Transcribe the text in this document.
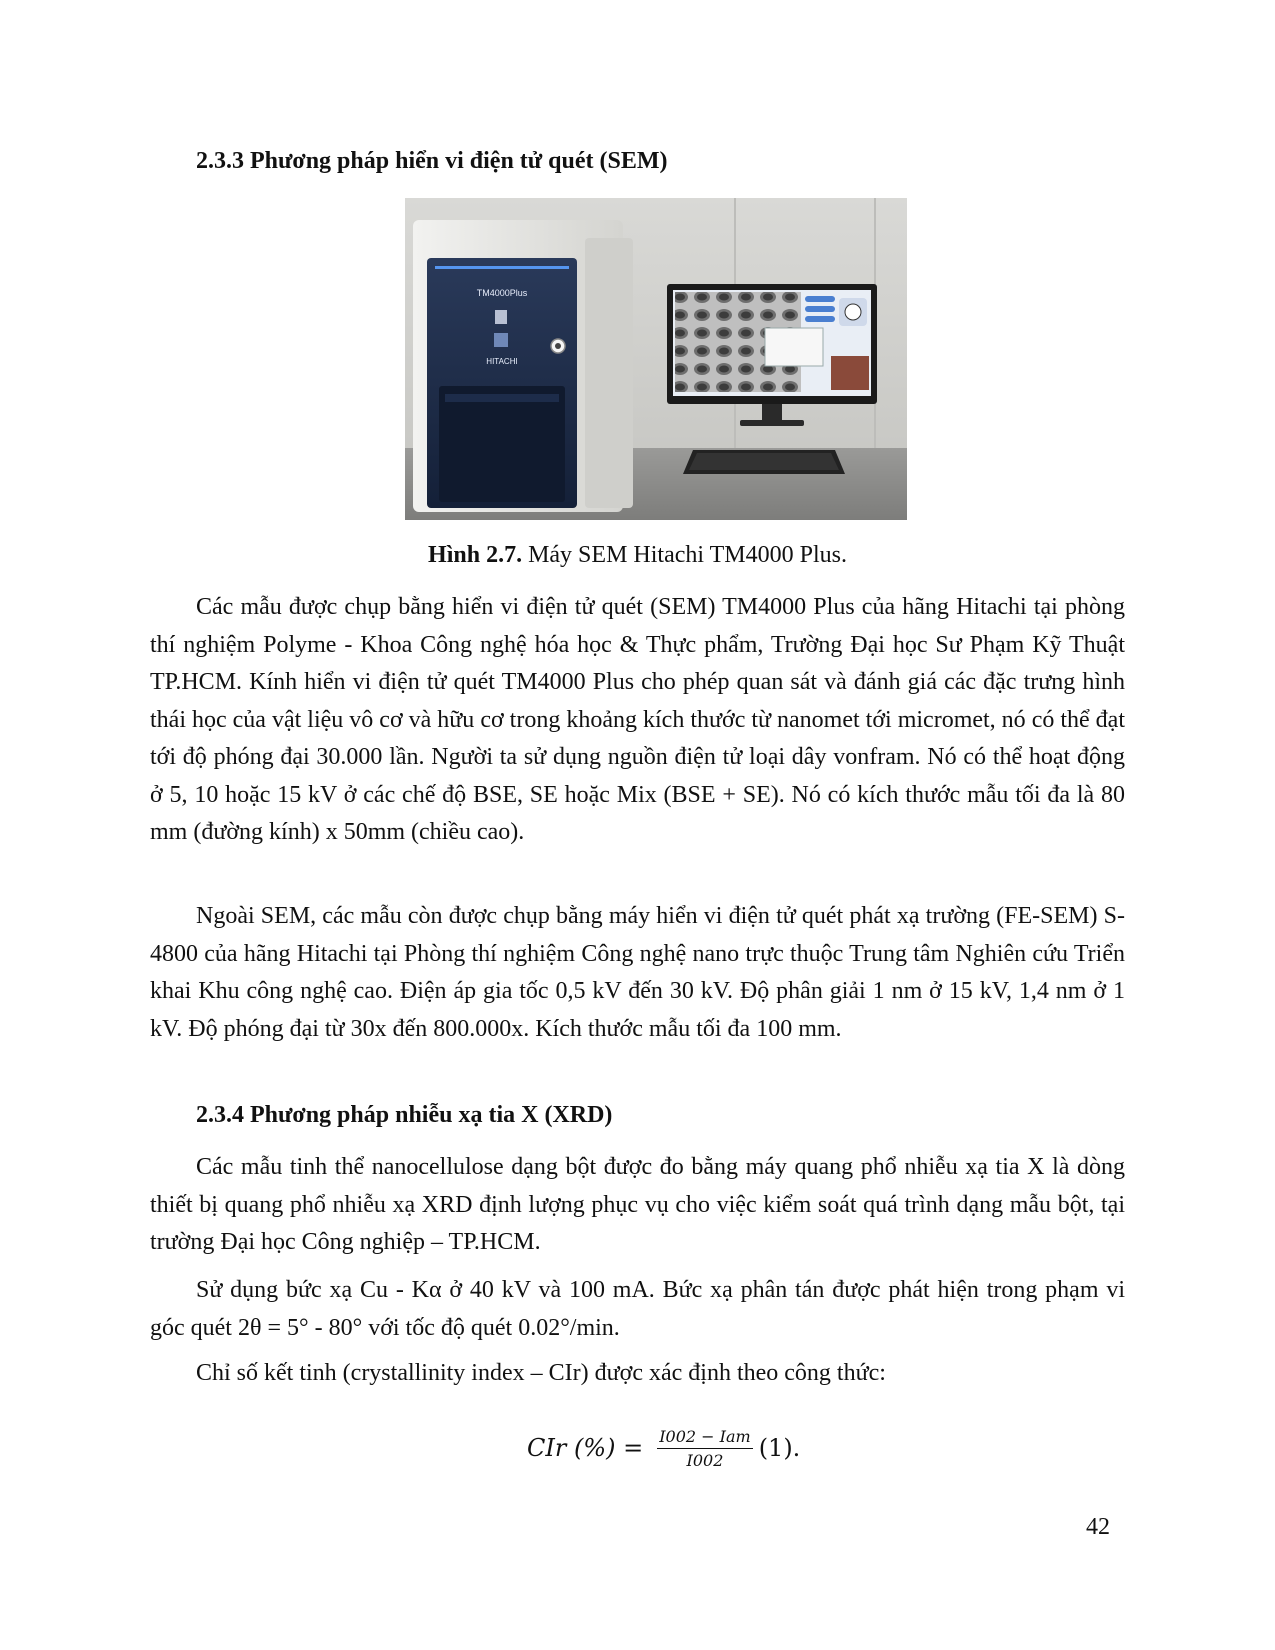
2.3.3 Phương pháp hiển vi điện tử quét (SEM)
TM4000Plus
HITACHI

Hình 2.7. Máy SEM Hitachi TM4000 Plus.

Các mẫu được chụp bằng hiển vi điện tử quét (SEM) TM4000 Plus của hãng Hitachi tại phòng thí nghiệm Polyme - Khoa Công nghệ hóa học & Thực phẩm, Trường Đại học Sư Phạm Kỹ Thuật TP.HCM. Kính hiển vi điện tử quét TM4000 Plus cho phép quan sát và đánh giá các đặc trưng hình thái học của vật liệu vô cơ và hữu cơ trong khoảng kích thước từ nanomet tới micromet, nó có thể đạt tới độ phóng đại 30.000 lần. Người ta sử dụng nguồn điện tử loại dây vonfram. Nó có thể hoạt động ở 5, 10 hoặc 15 kV ở các chế độ BSE, SE hoặc Mix (BSE + SE). Nó có kích thước mẫu tối đa là 80 mm (đường kính) x 50mm (chiều cao).

Ngoài SEM, các mẫu còn được chụp bằng máy hiển vi điện tử quét phát xạ trường (FE-SEM) S-4800 của hãng Hitachi tại Phòng thí nghiệm Công nghệ nano trực thuộc Trung tâm Nghiên cứu Triển khai Khu công nghệ cao. Điện áp gia tốc 0,5 kV đến 30 kV. Độ phân giải 1 nm ở 15 kV, 1,4 nm ở 1 kV. Độ phóng đại từ 30x đến 800.000x. Kích thước mẫu tối đa 100 mm.

2.3.4 Phương pháp nhiễu xạ tia X (XRD)

Các mẫu tinh thể nanocellulose dạng bột được đo bằng máy quang phổ nhiễu xạ tia X là dòng thiết bị quang phổ nhiễu xạ XRD định lượng phục vụ cho việc kiểm soát quá trình dạng mẫu bột, tại trường Đại học Công nghiệp – TP.HCM.

Sử dụng bức xạ Cu - Kα ở 40 kV và 100 mA. Bức xạ phân tán được phát hiện trong phạm vi góc quét 2θ = 5° - 80° với tốc độ quét 0.02°/min.

Chỉ số kết tinh (crystallinity index – CIr) được xác định theo công thức:

CIr (%) = $\frac{\text{I002 − Iam}}{I002} (1)$.

42
